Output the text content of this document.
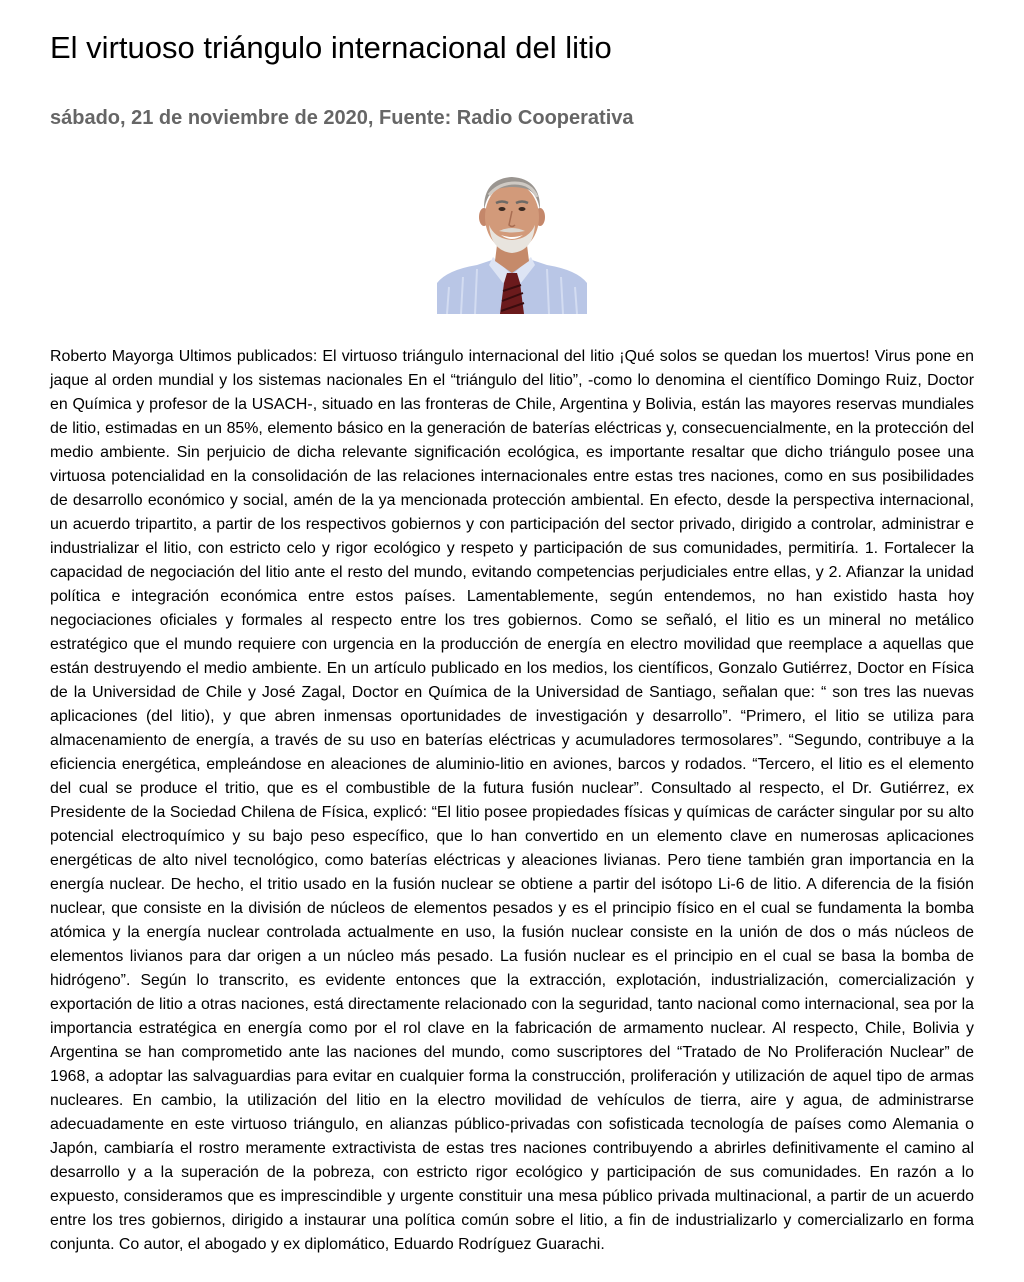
El virtuoso triángulo internacional del litio

sábado, 21 de noviembre de 2020, Fuente: Radio Cooperativa

Roberto Mayorga Ultimos publicados: El virtuoso triángulo internacional del litio ¡Qué solos se quedan los muertos! Virus pone en jaque al orden mundial y los sistemas nacionales En el “triángulo del litio”, -como lo denomina el científico Domingo Ruiz, Doctor en Química y profesor de la USACH-, situado en las fronteras de Chile, Argentina y Bolivia, están las mayores reservas mundiales de litio, estimadas en un 85%, elemento básico en la generación de baterías eléctricas y, consecuencialmente, en la protección del medio ambiente. Sin perjuicio de dicha relevante significación ecológica, es importante resaltar que dicho triángulo posee una virtuosa potencialidad en la consolidación de las relaciones internacionales entre estas tres naciones, como en sus posibilidades de desarrollo económico y social, amén de la ya mencionada protección ambiental. En efecto, desde la perspectiva internacional, un acuerdo tripartito, a partir de los respectivos gobiernos y con participación del sector privado, dirigido a controlar, administrar e industrializar el litio, con estricto celo y rigor ecológico y respeto y participación de sus comunidades, permitiría. 1. Fortalecer la capacidad de negociación del litio ante el resto del mundo, evitando competencias perjudiciales entre ellas, y 2. Afianzar la unidad política e integración económica entre estos países. Lamentablemente, según entendemos, no han existido hasta hoy negociaciones oficiales y formales al respecto entre los tres gobiernos. Como se señaló, el litio es un mineral no metálico estratégico que el mundo requiere con urgencia en la producción de energía en electro movilidad que reemplace a aquellas que están destruyendo el medio ambiente. En un artículo publicado en los medios, los científicos, Gonzalo Gutiérrez, Doctor en Física de la Universidad de Chile y José Zagal, Doctor en Química de la Universidad de Santiago, señalan que: “ son tres las nuevas aplicaciones (del litio), y que abren inmensas oportunidades de investigación y desarrollo”. “Primero, el litio se utiliza para almacenamiento de energía, a través de su uso en baterías eléctricas y acumuladores termosolares”. “Segundo, contribuye a la eficiencia energética, empleándose en aleaciones de aluminio-litio en aviones, barcos y rodados. “Tercero, el litio es el elemento del cual se produce el tritio, que es el combustible de la futura fusión nuclear”. Consultado al respecto, el Dr. Gutiérrez, ex Presidente de la Sociedad Chilena de Física, explicó: “El litio posee propiedades físicas y químicas de carácter singular por su alto potencial electroquímico y su bajo peso específico, que lo han convertido en un elemento clave en numerosas aplicaciones energéticas de alto nivel tecnológico, como baterías eléctricas y aleaciones livianas. Pero tiene también gran importancia en la energía nuclear. De hecho, el tritio usado en la fusión nuclear se obtiene a partir del isótopo Li-6 de litio. A diferencia de la fisión nuclear, que consiste en la división de núcleos de elementos pesados y es el principio físico en el cual se fundamenta la bomba atómica y la energía nuclear controlada actualmente en uso, la fusión nuclear consiste en la unión de dos o más núcleos de elementos livianos para dar origen a un núcleo más pesado. La fusión nuclear es el principio en el cual se basa la bomba de hidrógeno”. Según lo transcrito, es evidente entonces que la extracción, explotación, industrialización, comercialización y exportación de litio a otras naciones, está directamente relacionado con la seguridad, tanto nacional como internacional, sea por la importancia estratégica en energía como por el rol clave en la fabricación de armamento nuclear. Al respecto, Chile, Bolivia y Argentina se han comprometido ante las naciones del mundo, como suscriptores del “Tratado de No Proliferación Nuclear” de 1968, a adoptar las salvaguardias para evitar en cualquier forma la construcción, proliferación y utilización de aquel tipo de armas nucleares. En cambio, la utilización del litio en la electro movilidad de vehículos de tierra, aire y agua, de administrarse adecuadamente en este virtuoso triángulo, en alianzas público-privadas con sofisticada tecnología de países como Alemania o Japón, cambiaría el rostro meramente extractivista de estas tres naciones contribuyendo a abrirles definitivamente el camino al desarrollo y a la superación de la pobreza, con estricto rigor ecológico y participación de sus comunidades. En razón a lo expuesto, consideramos que es imprescindible y urgente constituir una mesa público privada multinacional, a partir de un acuerdo entre los tres gobiernos, dirigido a instaurar una política común sobre el litio, a fin de industrializarlo y comercializarlo en forma conjunta. Co autor, el abogado y ex diplomático, Eduardo Rodríguez Guarachi.
